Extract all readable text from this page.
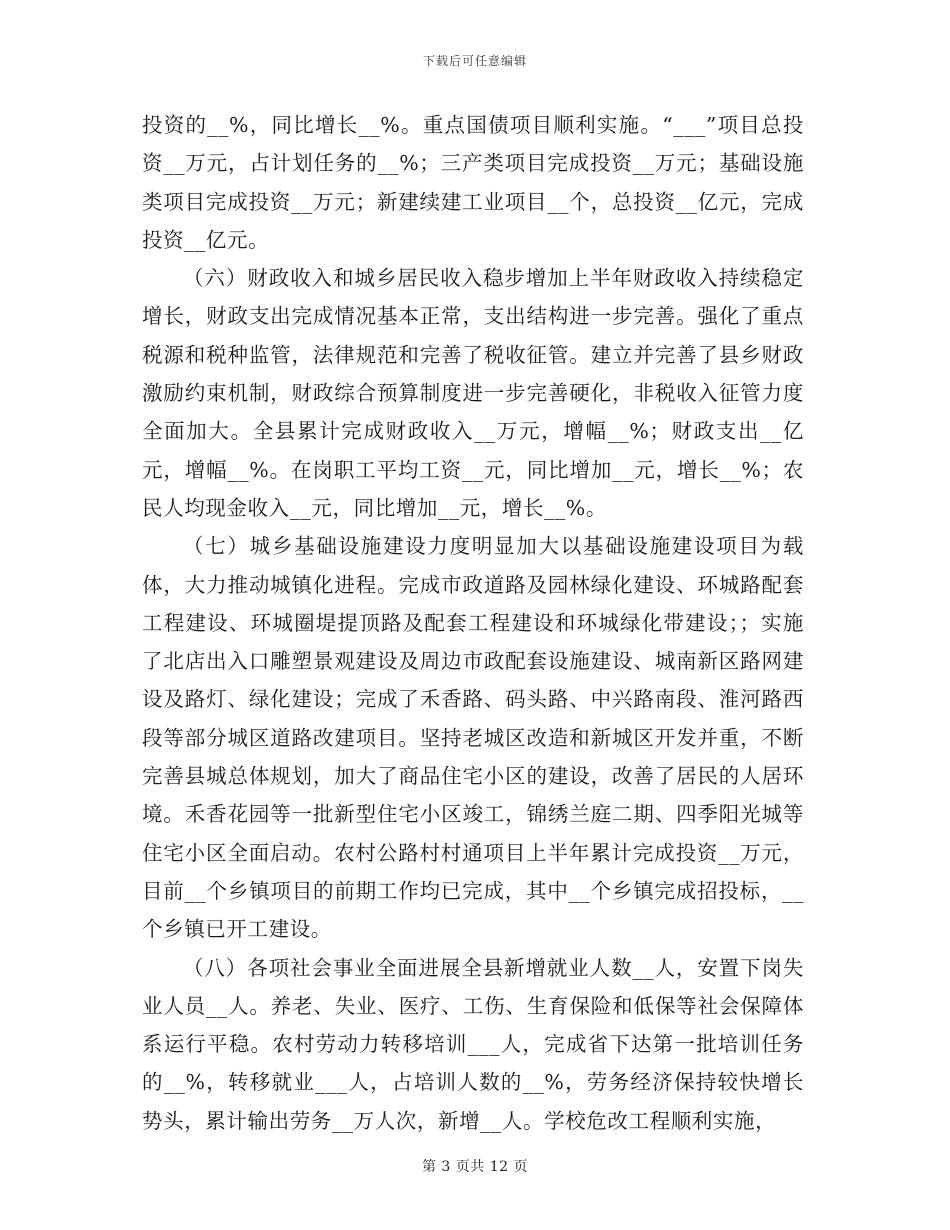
下载后可任意编辑

投资的__%，同比增长__%。重点国债项目顺利实施。“___”项目总投资__万元，占计划任务的__%；三产类项目完成投资__万元；基础设施类项目完成投资__万元；新建续建工业项目__个，总投资__亿元，完成投资__亿元。

（六）财政收入和城乡居民收入稳步增加上半年财政收入持续稳定增长，财政支出完成情况基本正常，支出结构进一步完善。强化了重点税源和税种监管，法律规范和完善了税收征管。建立并完善了县乡财政激励约束机制，财政综合预算制度进一步完善硬化，非税收入征管力度全面加大。全县累计完成财政收入__万元，增幅__%；财政支出__亿元，增幅__%。在岗职工平均工资__元，同比增加__元，增长__%；农民人均现金收入__元，同比增加__元，增长__%。

（七）城乡基础设施建设力度明显加大以基础设施建设项目为载体，大力推动城镇化进程。完成市政道路及园林绿化建设、环城路配套工程建设、环城圈堤提顶路及配套工程建设和环城绿化带建设；；实施了北店出入口雕塑景观建设及周边市政配套设施建设、城南新区路网建设及路灯、绿化建设；完成了禾香路、码头路、中兴路南段、淮河路西段等部分城区道路改建项目。坚持老城区改造和新城区开发并重，不断完善县城总体规划，加大了商品住宅小区的建设，改善了居民的人居环境。禾香花园等一批新型住宅小区竣工，锦绣兰庭二期、四季阳光城等住宅小区全面启动。农村公路村村通项目上半年累计完成投资__万元，目前__个乡镇项目的前期工作均已完成，其中__个乡镇完成招投标，__个乡镇已开工建设。

（八）各项社会事业全面进展全县新增就业人数__人，安置下岗失业人员__人。养老、失业、医疗、工伤、生育保险和低保等社会保障体系运行平稳。农村劳动力转移培训___人，完成省下达第一批培训任务的__%，转移就业___人，占培训人数的__%，劳务经济保持较快增长势头，累计输出劳务__万人次，新增__人。学校危改工程顺利实施，

第 3 页共 12 页
